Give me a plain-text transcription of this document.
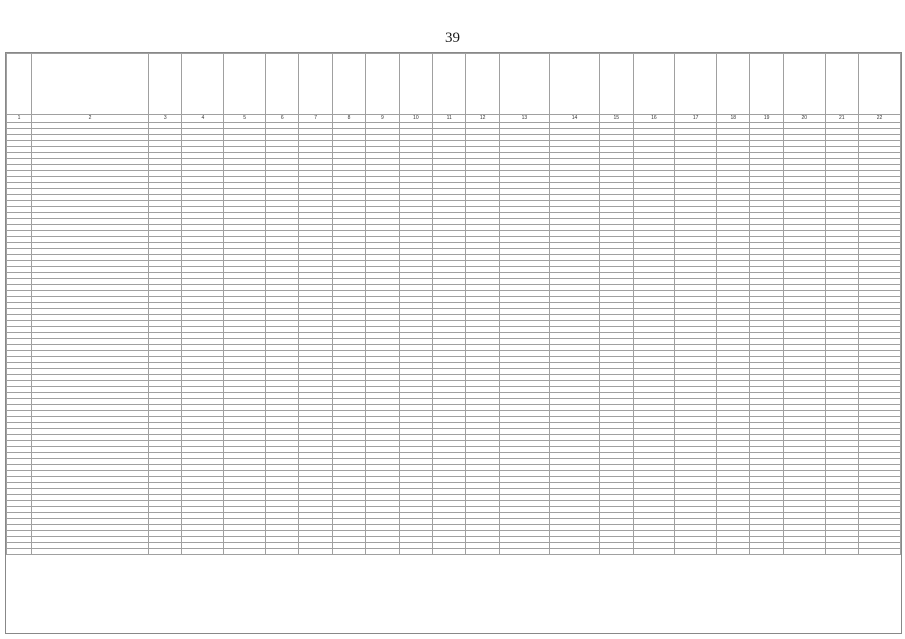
39

1	2	3	4	5	6	7	8	9	10	11	12	13	14	15	16	17	18	19	20	21	22
